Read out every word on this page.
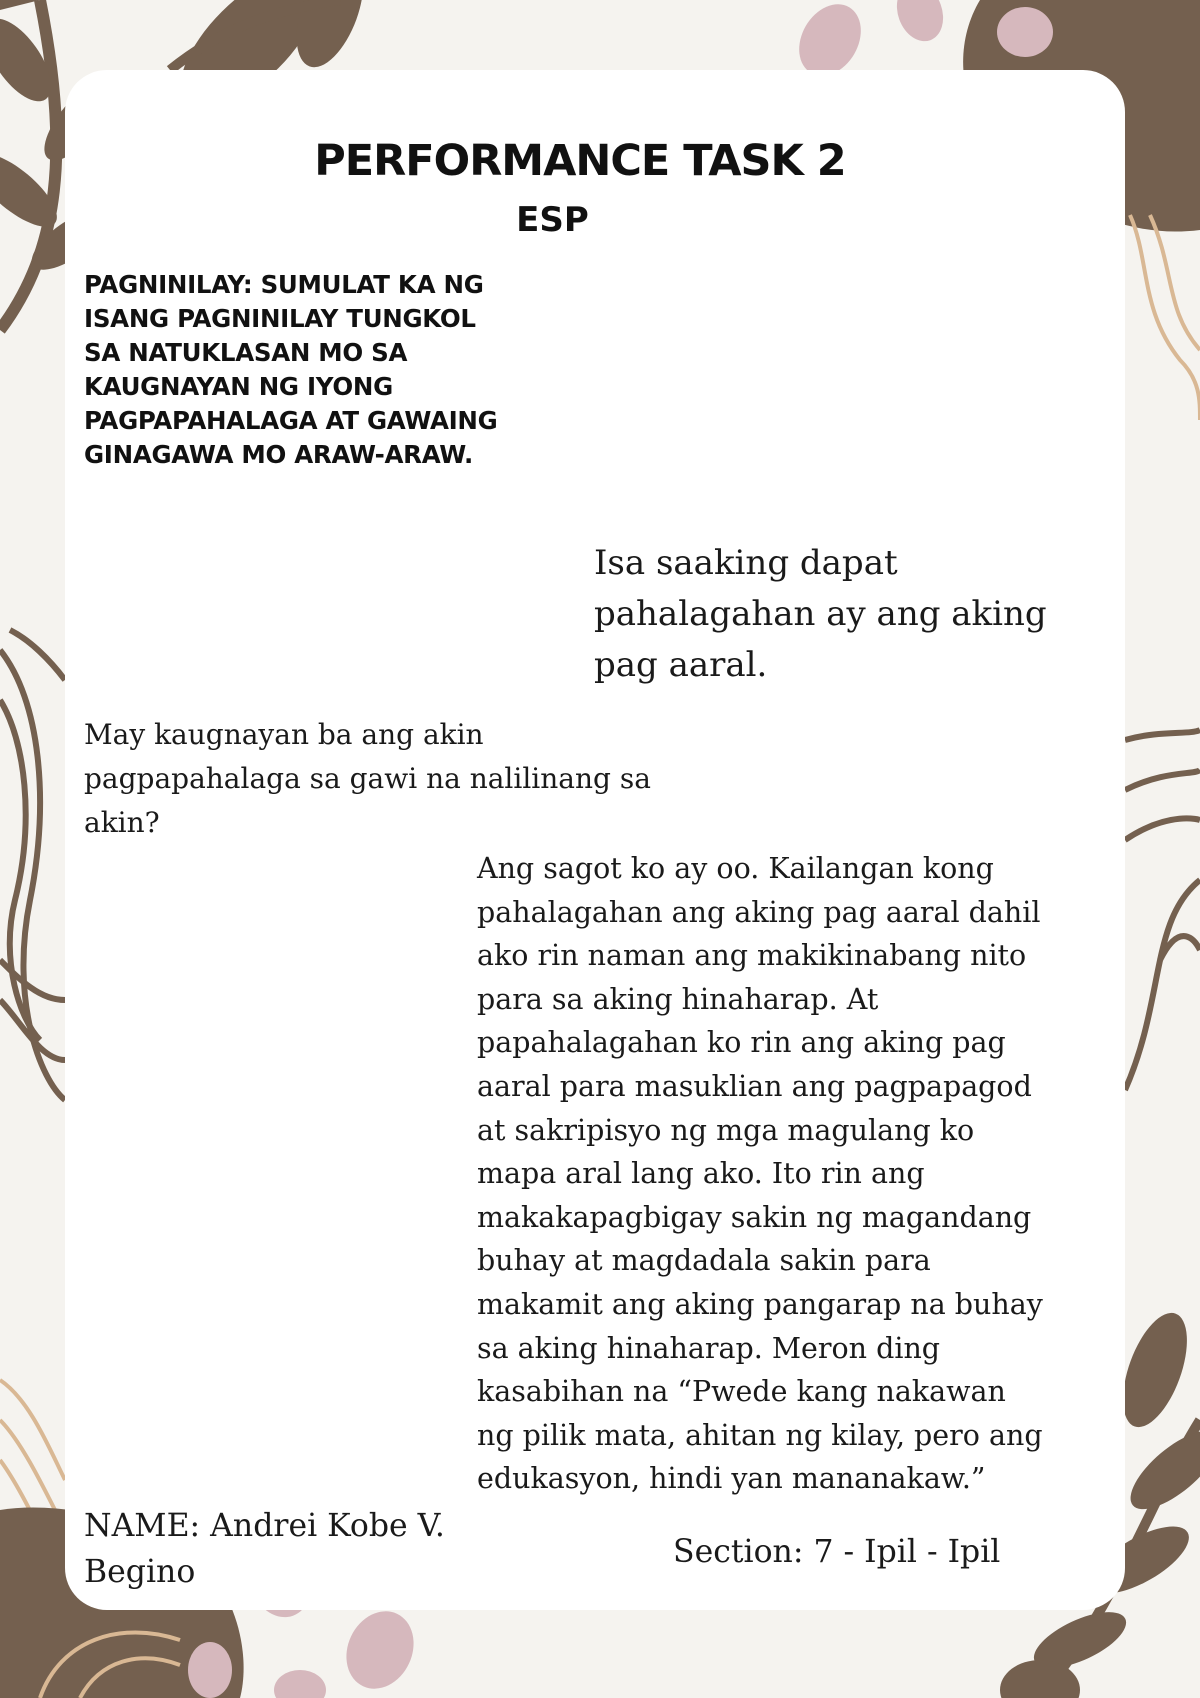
PERFORMANCE TASK 2
ESP

PAGNINILAY: SUMULAT KA NG ISANG PAGNINILAY TUNGKOL SA NATUKLASAN MO SA KAUGNAYAN NG IYONG PAGPAPAHALAGA AT GAWAING GINAGAWA MO ARAW-ARAW.

Isa saaking dapat pahalagahan ay ang aking pag aaral.

May kaugnayan ba ang akin pagpapahalaga sa gawi na nalilinang sa akin?

Ang sagot ko ay oo. Kailangan kong
pahalagahan ang aking pag aaral dahil
ako rin naman ang makikinabang nito
para sa aking hinaharap. At
papahalagahan ko rin ang aking pag
aaral para masuklian ang pagpapagod
at sakripisyo ng mga magulang ko
mapa aral lang ako. Ito rin ang
makakapagbigay sakin ng magandang
buhay at magdadala sakin para
makamit ang aking pangarap na buhay
sa aking hinaharap. Meron ding
kasabihan na “Pwede kang nakawan
ng pilik mata, ahitan ng kilay, pero ang
edukasyon, hindi yan mananakaw.”

NAME: Andrei Kobe V. Begino

Section: 7 - Ipil - Ipil
